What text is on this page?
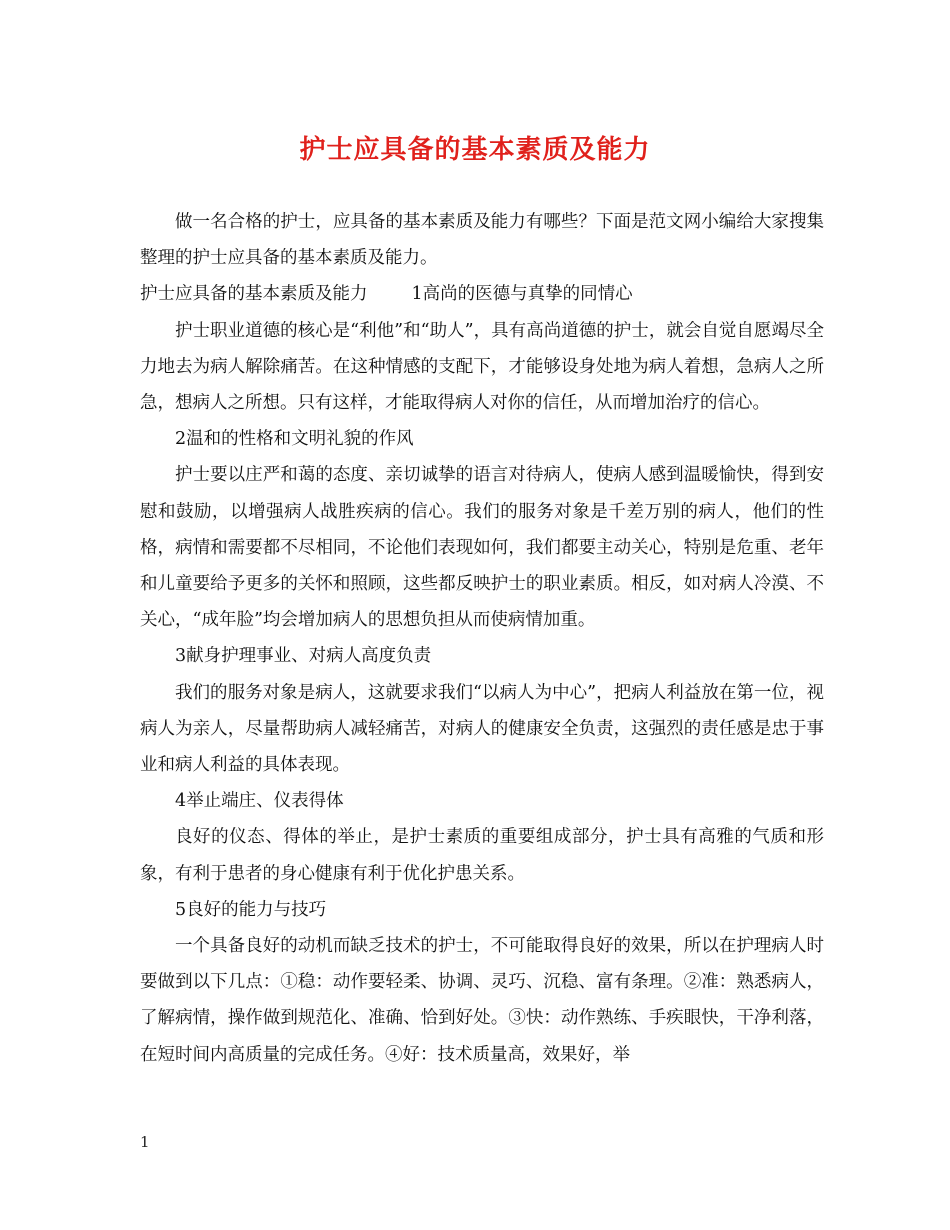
护士应具备的基本素质及能力

做一名合格的护士，应具备的基本素质及能力有哪些？下面是范文网小编给大家搜集整理的护士应具备的基本素质及能力。

护士应具备的基本素质及能力	1高尚的医德与真挚的同情心

护士职业道德的核心是“利他”和“助人”，具有高尚道德的护士，就会自觉自愿竭尽全力地去为病人解除痛苦。在这种情感的支配下，才能够设身处地为病人着想，急病人之所急，想病人之所想。只有这样，才能取得病人对你的信任，从而增加治疗的信心。

2温和的性格和文明礼貌的作风

护士要以庄严和蔼的态度、亲切诚挚的语言对待病人，使病人感到温暖愉快，得到安慰和鼓励，以增强病人战胜疾病的信心。我们的服务对象是千差万别的病人，他们的性格，病情和需要都不尽相同，不论他们表现如何，我们都要主动关心，特别是危重、老年和儿童要给予更多的关怀和照顾，这些都反映护士的职业素质。相反，如对病人冷漠、不关心，“成年脸”均会增加病人的思想负担从而使病情加重。

3献身护理事业、对病人高度负责

我们的服务对象是病人，这就要求我们“以病人为中心”，把病人利益放在第一位，视病人为亲人，尽量帮助病人减轻痛苦，对病人的健康安全负责，这强烈的责任感是忠于事业和病人利益的具体表现。

4举止端庄、仪表得体

良好的仪态、得体的举止，是护士素质的重要组成部分，护士具有高雅的气质和形象，有利于患者的身心健康有利于优化护患关系。

5良好的能力与技巧

一个具备良好的动机而缺乏技术的护士，不可能取得良好的效果，所以在护理病人时要做到以下几点：①稳：动作要轻柔、协调、灵巧、沉稳、富有条理。②准：熟悉病人，了解病情，操作做到规范化、准确、恰到好处。③快：动作熟练、手疾眼快，干净利落，在短时间内高质量的完成任务。④好：技术质量高，效果好，举

1
